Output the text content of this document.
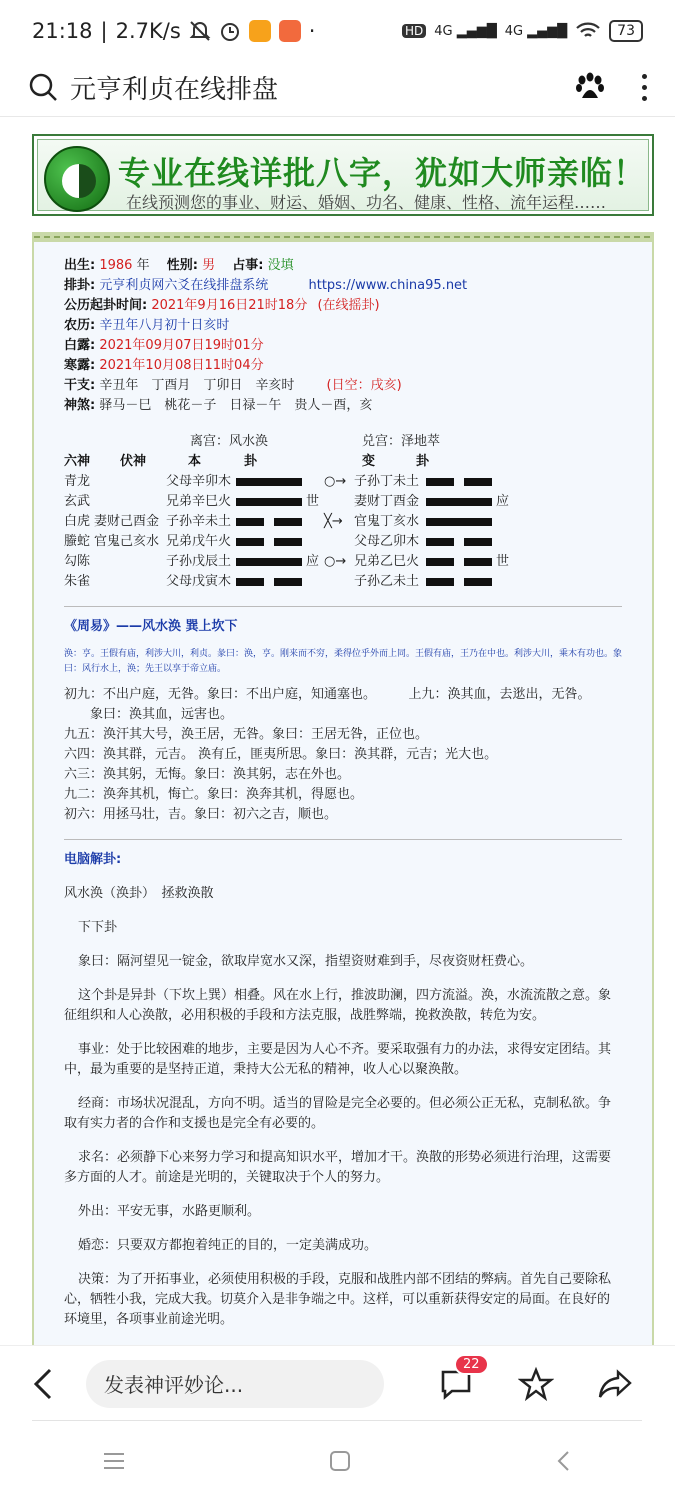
21:18 | 2.7K/s	·	HD 4G ▂▄▆█ 4G ▂▄▆█	73
元亨利贞在线排盘
专业在线详批八字，犹如大师亲临！
在线预测您的事业、财运、婚姻、功名、健康、性格、流年运程……
出生: 1986 年　 性别: 男　 占事: 没填
排卦: 元亨利贞网六爻在线排盘系统	https://www.china95.net
公历起卦时间: 2021年9月16日21时18分 (在线摇卦)
农历: 辛丑年八月初十日亥时
白露: 2021年09月07日19时01分
寒露: 2021年10月08日11时04分
干支: 辛丑年　丁酉月　丁卯日　辛亥时 (日空：戌亥)
神煞: 驿马－巳　桃花－子　日禄－午　贵人－酉，亥
离宫：风水涣	兑宫：泽地萃
六神 伏神	本	卦	变	卦
青龙	父母辛卯木	○→ 子孙丁未土
玄武	兄弟辛巳火	世	妻财丁酉金	应
白虎 妻财己酉金 子孙辛未土	╳→ 官鬼丁亥水
螣蛇 官鬼己亥水 兄弟戊午火	父母乙卯木
勾陈	子孙戊辰土	应 ○→ 兄弟乙巳火	世
朱雀	父母戊寅木	子孙乙未土
《周易》——风水涣 巽上坎下
涣：亨。王假有庙，利涉大川，利贞。彖曰：涣，亨。刚来而不穷，柔得位乎外而上同。王假有庙，王乃在中也。利涉大川，乘木有功也。象曰：风行水上，涣；先王以享于帝立庙。
初九：不出户庭，无咎。象曰：不出户庭，知通塞也。　　　上九：涣其血，去逖出，无咎。
　　象曰：涣其血，远害也。
九五：涣汗其大号，涣王居，无咎。象曰：王居无咎，正位也。
六四：涣其群，元吉。 涣有丘，匪夷所思。象曰：涣其群，元吉；光大也。
六三：涣其躬，无悔。象曰：涣其躬，志在外也。
九二：涣奔其机，悔亡。象曰：涣奔其机，得愿也。
初六：用拯马壮，吉。象曰：初六之吉，顺也。
电脑解卦:
风水涣（涣卦）　拯救涣散
下下卦
象曰：隔河望见一锭金，欲取岸宽水又深，指望资财难到手，尽夜资财枉费心。
这个卦是异卦（下坎上巽）相叠。风在水上行，推波助澜，四方流溢。涣，水流流散之意。象征组织和人心涣散，必用积极的手段和方法克服，战胜弊端，挽救涣散，转危为安。
事业：处于比较困难的地步，主要是因为人心不齐。要采取强有力的办法，求得安定团结。其中，最为重要的是坚持正道，秉持大公无私的精神，收人心以聚涣散。
经商：市场状况混乱，方向不明。适当的冒险是完全必要的。但必须公正无私，克制私欲。争取有实力者的合作和支援也是完全有必要的。
求名：必须静下心来努力学习和提高知识水平，增加才干。涣散的形势必须进行治理，这需要多方面的人才。前途是光明的，关键取决于个人的努力。
外出：平安无事，水路更顺利。
婚恋：只要双方都抱着纯正的目的，一定美满成功。
决策：为了开拓事业，必须使用积极的手段，克服和战胜内部不团结的弊病。首先自己要除私心，牺牲小我，完成大我。切莫介入是非争端之中。这样，可以重新获得安定的局面。在良好的环境里，各项事业前途光明。
发表神评妙论...
22
